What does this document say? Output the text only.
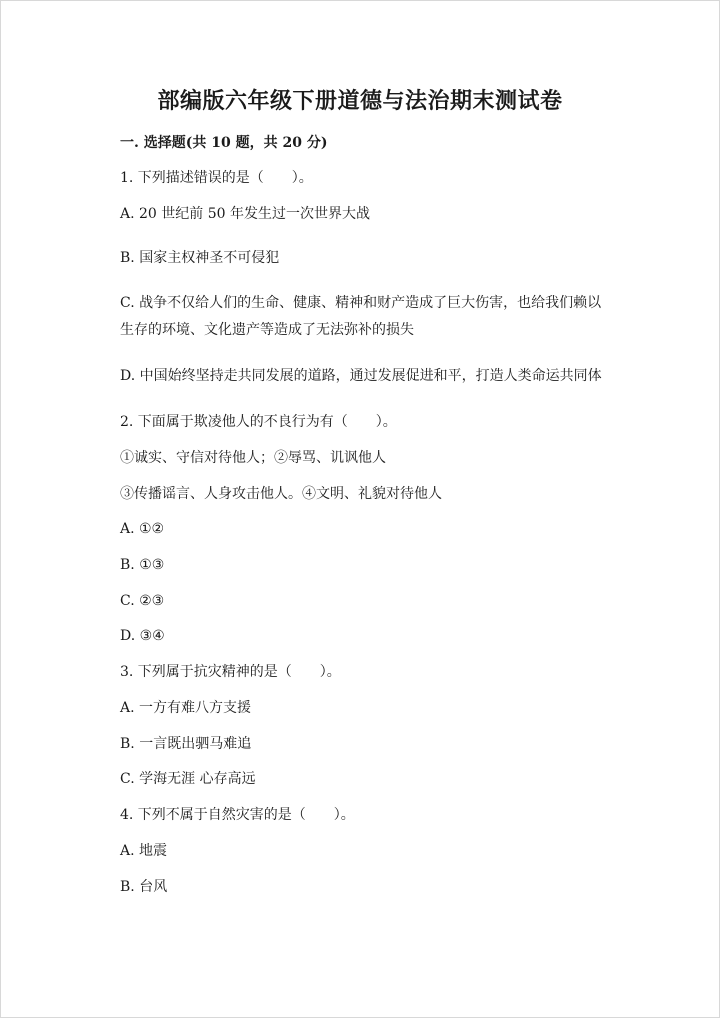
部编版六年级下册道德与法治期末测试卷
一. 选择题(共 10 题，共 20 分)
1. 下列描述错误的是（　　）。
A. 20 世纪前 50 年发生过一次世界大战
B. 国家主权神圣不可侵犯
C. 战争不仅给人们的生命、健康、精神和财产造成了巨大伤害，也给我们赖以
生存的环境、文化遗产等造成了无法弥补的损失
D. 中国始终坚持走共同发展的道路，通过发展促进和平，打造人类命运共同体
2. 下面属于欺凌他人的不良行为有（　　）。
①诚实、守信对待他人；②辱骂、讥讽他人
③传播谣言、人身攻击他人。④文明、礼貌对待他人
A. ①②
B. ①③
C. ②③
D. ③④
3. 下列属于抗灾精神的是（　　）。
A. 一方有难八方支援
B. 一言既出驷马难追
C. 学海无涯 心存高远
4. 下列不属于自然灾害的是（　　）。
A. 地震
B. 台风
